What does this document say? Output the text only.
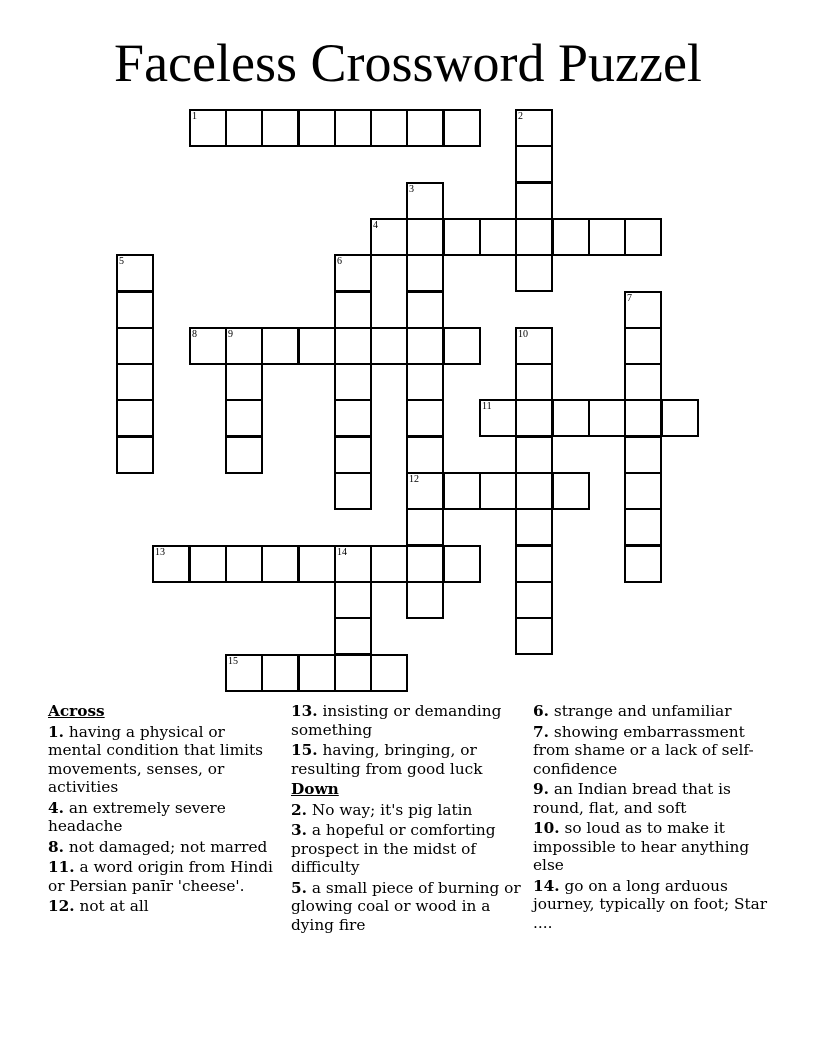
Faceless Crossword Puzzel
1	2
3
12
4
5	6
7
8	9	10
11
13	14
15
Across
1. having a physical or mental condition that limits movements, senses, or activities
4. an extremely severe headache
8. not damaged; not marred
11. a word origin from Hindi or Persian panīr 'cheese'.
12. not at all
13. insisting or demanding something
15. having, bringing, or resulting from good luck
Down
2. No way; it's pig latin
3. a hopeful or comforting prospect in the midst of difficulty
5. a small piece of burning or glowing coal or wood in a dying fire
6. strange and unfamiliar
7. showing embarrassment from shame or a lack of self-confidence
9. an Indian bread that is round, flat, and soft
10. so loud as to make it impossible to hear anything else
14. go on a long arduous journey, typically on foot; Star ....
